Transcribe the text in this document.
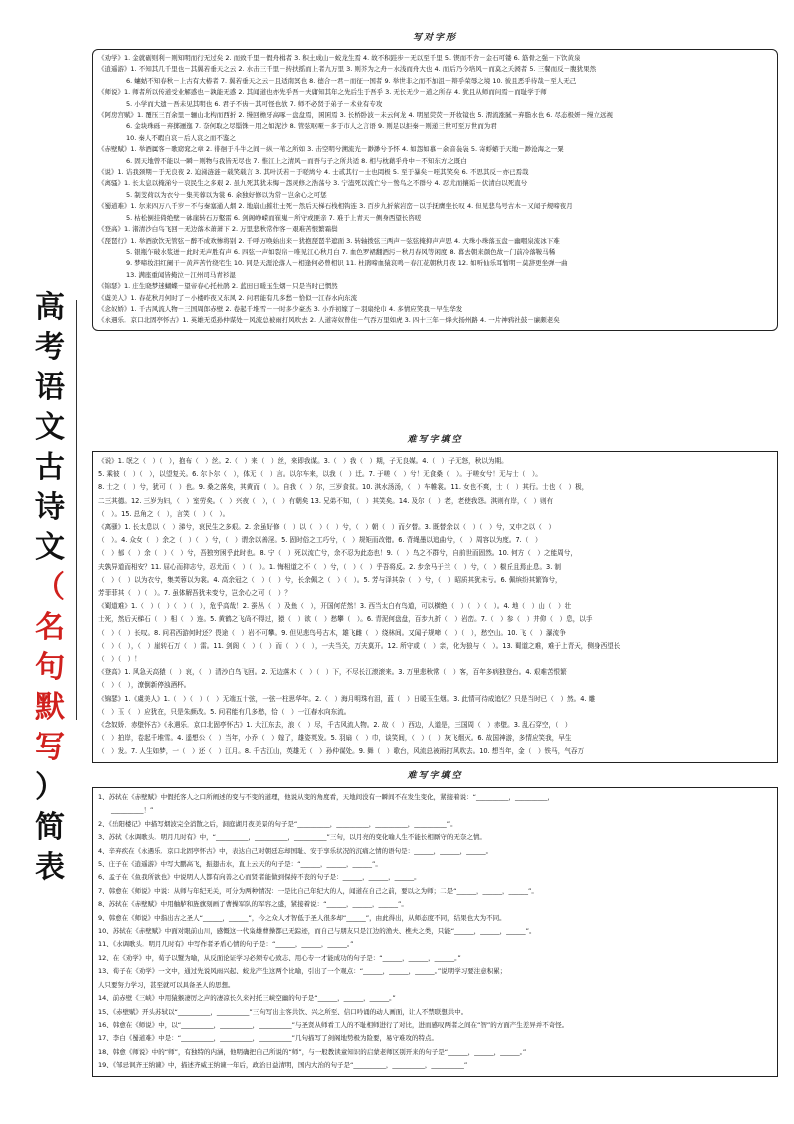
高
考
语
文
古
诗
文
（
名
句
默
写
）
简
表
写对字形
《劝学》1. 金就砺则利－则知明而行无过矣 2. 而致千里－假舟楫者 3. 积土成山－蛟龙生焉 4. 故不积跬步－无以至千里 5. 锲而不舍－金石可镂 6. 筋骨之强－下饮黄泉
《逍遥游》1. 不知其几千里也－其翼若垂天之云 2. 水击三千里－抟扶摇而上者九万里 3. 则芥为之舟－水浅而舟大也 4. 而后乃今培风－而莫之夭阏者 5. 三餐而反－腹犹果然
6. 蟪蛄不知春秋－上古有大椿者 7. 翼若垂天之云－且适南冥也 8. 德合一君－而征一国者 9. 举世非之而不加沮－辩乎荣辱之境 10. 彼且恶乎待哉－至人无己
《师说》1. 师者所以传道受业解惑也－孰能无惑 2. 其闻道也亦先乎吾－夫庸知其年之先后生于吾乎 3. 无长无少－道之所存 4. 犹且从师而问焉－而耻学于师
5. 小学而大遗－吾未见其明也 6. 君子不齿－其可怪也欤 7. 师不必贤于弟子－术业有专攻
《阿房宫赋》1. 覆压三百余里－骊山北构而西折 2. 缦回檐牙高啄－盘盘焉，囷囷焉 3. 长桥卧波－未云何龙 4. 明星荧荧－开妆镜也 5. 渭流涨腻－弃脂水也 6. 尽态极妍－缦立远视
6. 金块珠砾－弃掷逦迤 7. 奈何取之尽锱铢－用之如泥沙 8. 管弦呕哑－多于市人之言语 9. 则足以拒秦－则递三世可至万世而为君
10. 秦人不暇自哀－后人哀之而不鉴之
《赤壁赋》1. 举酒属客－歌窈窕之章 2. 徘徊于斗牛之间－纵一苇之所如 3. 击空明兮溯流光－渺渺兮予怀 4. 如怨如慕－余音袅袅 5. 寄蜉蝣于天地－渺沧海之一粟
6. 固天地曾不能以一瞬－则物与我皆无尽也 7. 惟江上之清风－而吾与子之所共适 8. 相与枕藉乎舟中－不知东方之既白
《说》1. 诘我颈期－于无良夜 2. 迫涕涟涟－载笑载言 3. 其叶沃若－于嗟鸠兮 4. 士贰其行－士也罔极 5. 至于暴矣－咥其笑矣 6. 不思其反－亦已焉哉
《离骚》1. 长太息以掩涕兮－哀民生之多艰 2. 虽九死其犹未悔－怨灵修之浩荡兮 3. 宁溘死以流亡兮－鸷鸟之不群兮 4. 忍尤而攘诟－伏清白以死直兮
5. 制芰荷以为衣兮－集芙蓉以为裳 6. 余独好修以为常－岂余心之可惩
《蜀道难》1. 尔来四万八千岁－不与秦塞通人烟 2. 地崩山摧壮士死－然后天梯石栈相钩连 3. 百步九折萦岩峦－以手抚膺坐长叹 4. 但见悲鸟号古木－又闻子规啼夜月
5. 枯松倒挂倚绝壁－砯崖转石万壑雷 6. 剑阁峥嵘而崔嵬－所守或匪亲 7. 难于上青天－侧身西望长咨嗟
《登高》1. 渚清沙白鸟飞回－无边落木萧萧下 2. 万里悲秋常作客－艰难苦恨繁霜鬓
《琵琶行》1. 举酒欲饮无管弦－醉不成欢惨将别 2. 千呼万唤始出来－犹抱琵琶半遮面 3. 转轴拨弦三两声－弦弦掩抑声声思 4. 大珠小珠落玉盘－幽咽泉流冰下难
5. 银瓶乍破水浆迸－此时无声胜有声 6. 四弦一声如裂帛－唯见江心秋月白 7. 血色罗裙翻酒污－秋月春风等闲度 8. 暮去朝来颜色故－门前冷落鞍马稀
9. 梦啼妆泪红阑干－黄芦苦竹绕宅生 10. 同是天涯沦落人－相逢何必曾相识 11. 杜鹃啼血猿哀鸣－春江花朝秋月夜 12. 如听仙乐耳暂明－莫辞更坐弹一曲
13. 满座重闻皆掩泣－江州司马青衫湿
《锦瑟》1. 庄生晓梦迷蝴蝶－望帝春心托杜鹃 2. 蓝田日暖玉生烟－只是当时已惘然
《虞美人》1. 春花秋月何时了－小楼昨夜又东风 2. 问君能有几多愁－恰似一江春水向东流
《念奴娇》1. 千古风流人物－三国周郎赤壁 2. 卷起千堆雪－一时多少豪杰 3. 小乔初嫁了－羽扇纶巾 4. 多情应笑我－早生华发
《永遇乐．京口北固亭怀古》1. 英雄无觅孙仲谋处－风流总被雨打风吹去 2. 人道寄奴曾住－气吞万里如虎 3. 四十三年－烽火扬州路 4. 一片神鸦社鼓－廉颇老矣
难写字填空
《说》1. 氓之（　）（　），抱布（　）丝。2.（　）来（　）丝，来即我谋。3.（　）我（　）期，子无良媒。4.（　）子无怒，秋以为期。
5. 乘彼（　）（　），以望复关。6. 尔卜尔（　），体无（　）言。以尔车来，以我（　）迁。7. 于嗟（　）兮！无食桑（　）。于嗟女兮！无与士（　）。
8. 士之（　）兮，犹可（　）也。9. 桑之落矣，其黄而（　）。自我（　）尔，三岁食贫。10. 淇水汤汤，（　）车帷裳。11. 女也不爽，士（　）其行。士也（　）极，
二三其德。12. 三岁为妇，（　）室劳矣。（　）兴夜（　），（　）有朝矣 13. 兄弟不知，（　）其笑矣。14. 及尔（　）老，老使我怨。淇则有岸，（　）则有
（　）。15. 总角之（　），言笑（　）（　）。
《离骚》1. 长太息以（　）涕兮，哀民生之多艰。2. 余虽好修（　）以（　）（　）兮，（　）朝（　）而夕替。3. 既替余以（　）（　）兮，又申之以（　）
（　）。4. 众女（　）余之（　）（　）兮，（　）谓余以善淫。5. 固时俗之工巧兮，（　）规矩而改错。6. 背绳墨以追曲兮，（　）周容以为度。7.（　）
（　）郁（　）余（　）（　）兮，吾独穷困乎此时也。8. 宁（　）死以流亡兮，余不忍为此态也！9.（　）鸟之不群兮，自前世而固然。10. 何方（　）之能周兮，
夫孰异道而相安？11. 屈心而抑志兮，忍尤而（　）（　）。1. 悔相道之不（　）兮，（　）（　）乎吾将反。2. 步余马于兰（　）兮，（　）椒丘且焉止息。3. 制
（　）（　）以为衣兮，集芙蓉以为裳。4. 高余冠之（　）（　）兮，长余佩之（　）（　）。5. 芳与泽其杂（　）兮，（　）昭质其犹未亏。6. 佩缤纷其繁饰兮，
芳菲菲其（　）（　）。7. 虽体解吾犹未变兮，岂余心之可（　）？
《蜀道难》1.（　）（　）（　）（　），危乎高哉！2. 蚕丛（　）及鱼（　），开国何茫然！3. 西当太白有鸟道，可以横绝（　）（　）（　）。4. 地（　）山（　）壮
士死，然后天梯石（　）相（　）连。5. 黄鹤之飞尚不得过，猿（　）欲（　）愁攀（　）。6. 青泥何盘盘，百步九折（　）岩峦。7.（　）参（　）井仰（　）息，以手
（　）（　）长叹。8. 问君西游何时还？畏途（　）岩不可攀。9. 但见悲鸟号古木，雄飞雌（　）绕林间。又闻子规啼（　）（　），愁空山。10. 飞（　）瀑流争
（　）（　），（　）崖转石万（　）雷。11. 剑阁（　）（　）而（　）（　），一夫当关，万夫莫开。12. 所守或（　）亲，化为狼与（　）。13. 蜀道之难，难于上青天，侧身西望长
（　）（　）！
《登高》1. 风急天高猿（　）哀，（　）清沙白鸟飞回。2. 无边落木（　）（　）下，不尽长江滚滚来。3. 万里悲秋常（　）客，百年多病独登台。4. 艰难苦恨繁
（　）（　），潦倒新停浊酒杯。
《锦瑟》1.《虞美人》1.（　）（　）（　）无端五十弦，一弦一柱思华年。2.（　）海月明珠有泪，蓝（　）日暖玉生烟。3. 此情可待成追忆？只是当时已（　）然。4. 雕
（　）玉（　）应犹在，只是朱颜改。5. 问君能有几多愁，恰（　）一江春水向东流。
《念奴娇．赤壁怀古》《永遇乐．京口北固亭怀古》1. 大江东去，浪（　）尽，千古风流人物。2. 故（　）西边，人道是，三国周（　）赤壁。3. 乱石穿空，（　）
（　）拍岸，卷起千堆雪。4. 遥想公（　）当年，小乔（　）嫁了，雄姿英发。5. 羽扇（　）巾，谈笑间，（　）（　）灰飞烟灭。6. 故国神游，多情应笑我，早生
（　）发。7. 人生如梦，一（　）还（　）江月。8. 千古江山，英雄无（　）孙仲谋处。9. 舞（　）歌台，风流总被雨打风吹去。10. 想当年，金（　）铁马，气吞万
难写字填空
1、苏轼在《赤壁赋》中假托客人之口所阐述的变与不变的道理，他说从变的角度看，天地间没有一瞬间不在发生变化，紧接着说：“__________，__________，
　　__________！”
2、《岳阳楼记》中描写烟波完全消散之后，洞庭湖月夜美景的句子是“__________，__________，__________，__________”。
3、苏轼《水调歌头．明月几时有》中，“__________，__________，__________”三句，以月亮的变化喻人生不能长相厮守的无奈之情。
4、辛弃疾在《永遇乐．京口北固亭怀古》中，表达自己对朝廷忘却国耻、安于享乐状况的沉痛之情的语句是：______，______，______。
5、庄子在《逍遥游》中写大鹏高飞，振翅击水，直上云天的句子是：“______，______，______”。
6、孟子在《鱼我所欲也》中说明人人都有向善之心而贤者能做到保持不丧的句子是：______，______，______。
7、韩愈在《师说》中说：从师与年纪无关，可分为两种情况：一是比自己年纪大的人，闻道在自己之前，要以之为师；二是“______，______，______”。
8、苏轼在《赤壁赋》中用舳舻和旌旗刻画了曹操军队的军容之盛，紧接着说：“______，______，______”。
9、韩愈在《师说》中指出古之圣人“______，______”，今之众人才智低于圣人很多却“______”，由此得出，从师态度不同，结果也大为不同。
10、苏轼在《赤壁赋》中面对眼前山川，感慨这一代枭雄曹操都已无踪迹，而自己与朋友只是江边的渔夫、樵夫之类，只能“______，______，______”。
11、《水调歌头．明月几时有》中写作者矛盾心情的句子是：“______，______，______。”
12、在《劝学》中，荀子以蟹为喻，从反面论证学习必须专心致志、用心专一才能成功的句子是：“______，______，______。”
13、荀子在《劝学》一文中，通过先说风雨兴起、蛟龙产生这两个比喻，引出了一个观点：“______，______，______。”说明学习要注意积累；
人只要努力学习，甚至就可以具备圣人的思想。
14、前赤壁《三峡》中用猿猴凄厉之声的凄凉长久来衬托三峡空幽的句子是“______，______，______。”
15、《赤壁赋》开头苏轼以“__________，__________”三句写出主客共饮、兴之所至、信口吟诵的动人画面，让人不禁联想共中。
16、韩愈在《师说》中，以“__________，__________，__________”与圣贤从师看工人的不耻相师进行了对比，进而感叹两者之间在“智”的方面产生差异并不奇怪。
17、李白《蜀道难》中是：“__________，__________，__________”几句描写了剑阁地势极为险要，易守难攻的特点。
18、韩愈《师说》中的“师”，有独特的内涵，他明确把自己所说的“师”，与一般教读童知识的启蒙老师区别开来的句子是“______，______，______。”
19、《邹忌讽齐王纳谏》中，描述齐威王纳谏一年后，政治日益清明，国内大治的句子是“__________，__________，__________”
